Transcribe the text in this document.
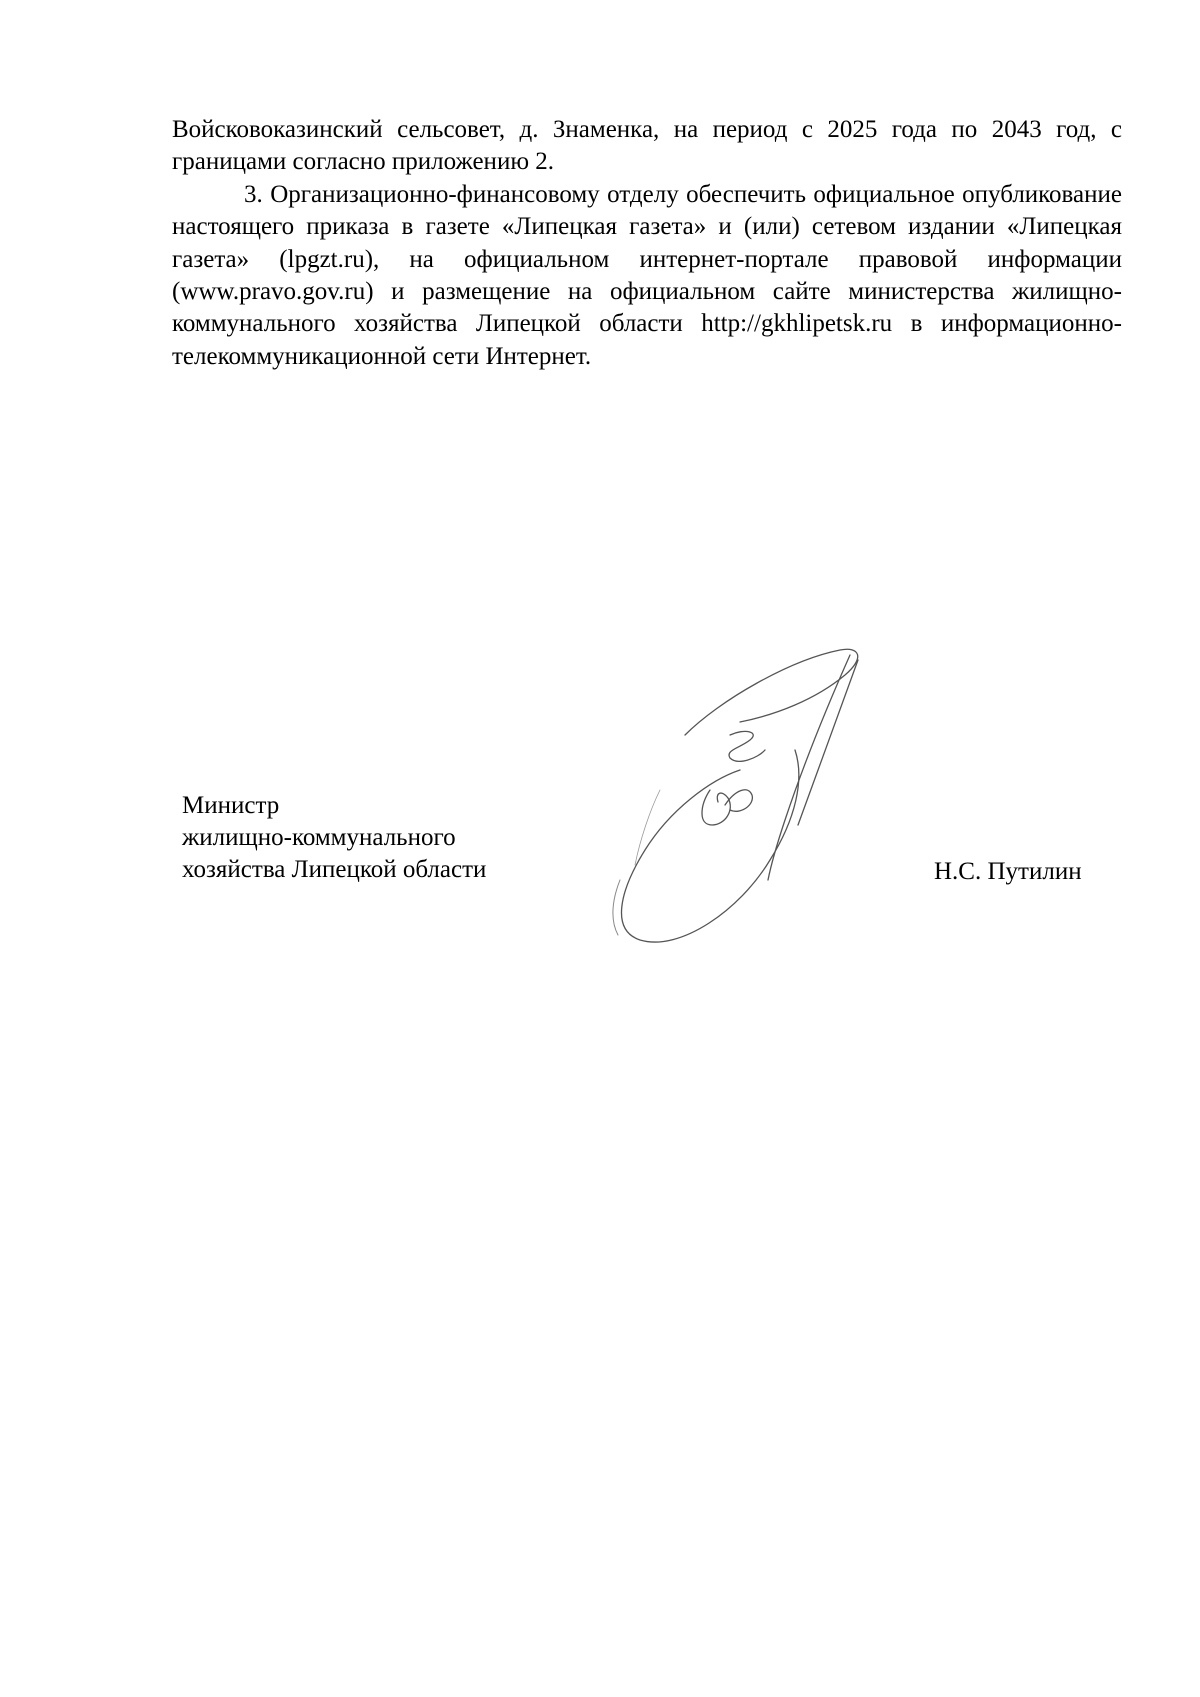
Войсковоказинский сельсовет, д. Знаменка, на период с 2025 года по 2043 год, с границами согласно приложению 2.

3. Организационно-финансовому отделу обеспечить официальное опубликование настоящего приказа в газете «Липецкая газета» и (или) сетевом издании «Липецкая газета» (lpgzt.ru), на официальном интернет-портале правовой информации (www.pravo.gov.ru) и размещение на официальном сайте министерства жилищно-коммунального хозяйства Липецкой области http://gkhlipetsk.ru в информационно-телекоммуникационной сети Интернет.

Министр
жилищно-коммунального
хозяйства Липецкой области	Н.С. Путилин
